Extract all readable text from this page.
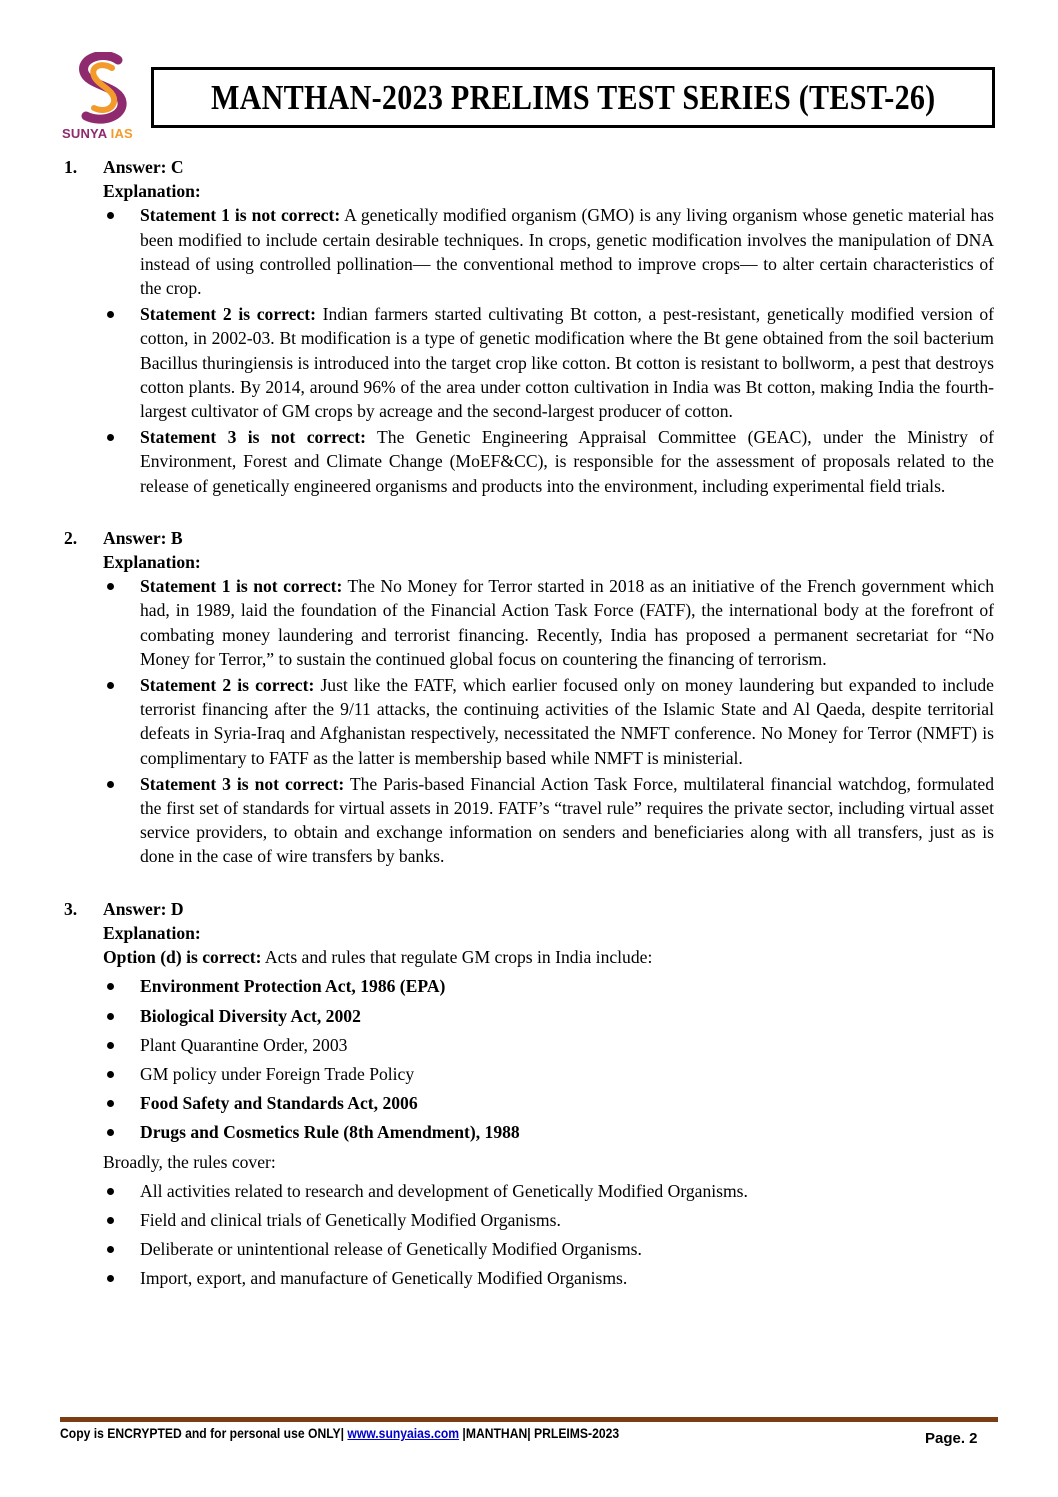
SUNYA IAS
MANTHAN-2023 PRELIMS TEST SERIES (TEST-26)
1.	Answer: C
Explanation:
Statement 1 is not correct: A genetically modified organism (GMO) is any living organism whose genetic material has been modified to include certain desirable techniques. In crops, genetic modification involves the manipulation of DNA instead of using controlled pollination— the conventional method to improve crops— to alter certain characteristics of the crop.
Statement 2 is correct: Indian farmers started cultivating Bt cotton, a pest-resistant, genetically modified version of cotton, in 2002-03. Bt modification is a type of genetic modification where the Bt gene obtained from the soil bacterium Bacillus thuringiensis is introduced into the target crop like cotton. Bt cotton is resistant to bollworm, a pest that destroys cotton plants. By 2014, around 96% of the area under cotton cultivation in India was Bt cotton, making India the fourth-largest cultivator of GM crops by acreage and the second-largest producer of cotton.
Statement 3 is not correct: The Genetic Engineering Appraisal Committee (GEAC), under the Ministry of Environment, Forest and Climate Change (MoEF&CC), is responsible for the assessment of proposals related to the release of genetically engineered organisms and products into the environment, including experimental field trials.
2.	Answer: B
Explanation:
Statement 1 is not correct: The No Money for Terror started in 2018 as an initiative of the French government which had, in 1989, laid the foundation of the Financial Action Task Force (FATF), the international body at the forefront of combating money laundering and terrorist financing. Recently, India has proposed a permanent secretariat for “No Money for Terror,” to sustain the continued global focus on countering the financing of terrorism.
Statement 2 is correct: Just like the FATF, which earlier focused only on money laundering but expanded to include terrorist financing after the 9/11 attacks, the continuing activities of the Islamic State and Al Qaeda, despite territorial defeats in Syria-Iraq and Afghanistan respectively, necessitated the NMFT conference. No Money for Terror (NMFT) is complimentary to FATF as the latter is membership based while NMFT is ministerial.
Statement 3 is not correct: The Paris-based Financial Action Task Force, multilateral financial watchdog, formulated the first set of standards for virtual assets in 2019. FATF’s “travel rule” requires the private sector, including virtual asset service providers, to obtain and exchange information on senders and beneficiaries along with all transfers, just as is done in the case of wire transfers by banks.
3.	Answer: D
Explanation:
Option (d) is correct: Acts and rules that regulate GM crops in India include:
Environment Protection Act, 1986 (EPA)
Biological Diversity Act, 2002
Plant Quarantine Order, 2003
GM policy under Foreign Trade Policy
Food Safety and Standards Act, 2006
Drugs and Cosmetics Rule (8th Amendment), 1988
Broadly, the rules cover:
All activities related to research and development of Genetically Modified Organisms.
Field and clinical trials of Genetically Modified Organisms.
Deliberate or unintentional release of Genetically Modified Organisms.
Import, export, and manufacture of Genetically Modified Organisms.
Copy is ENCRYPTED and for personal use ONLY| www.sunyaias.com |MANTHAN| PRLEIMS-2023	Page. 2
